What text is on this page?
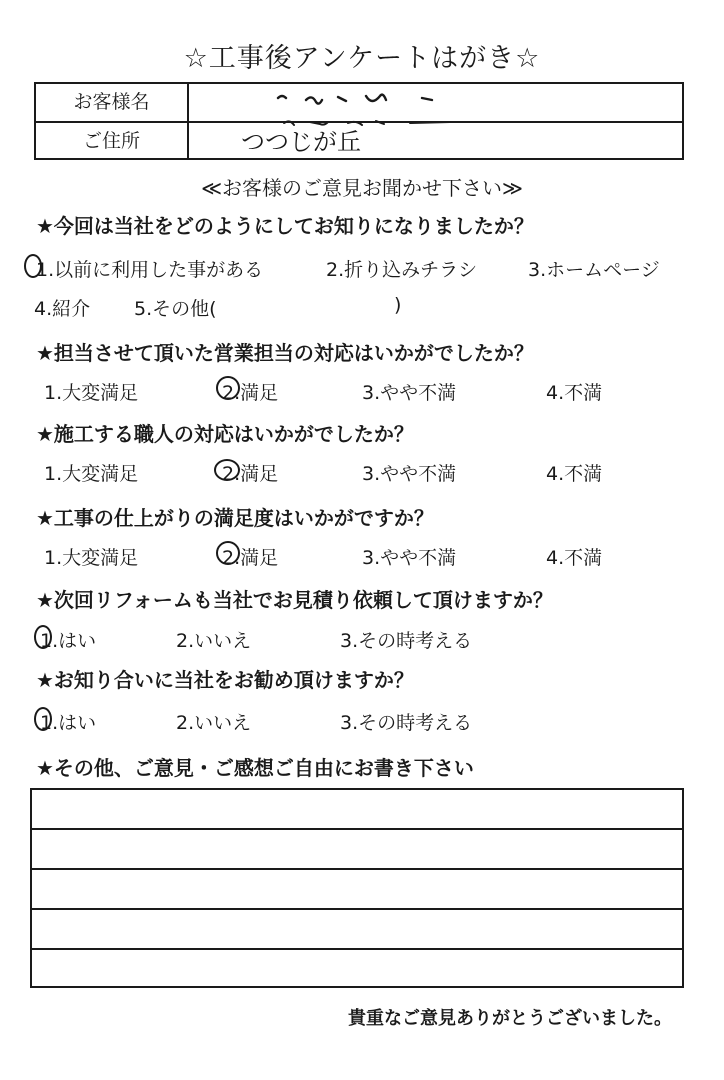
☆工事後アンケートはがき☆
お客様名
ご住所	つつじが丘
≪お客様のご意見お聞かせ下さい≫
★今回は当社をどのようにしてお知りになりましたか？
1.以前に利用した事がある	2.折り込みチラシ	3.ホームページ
4.紹介 5.その他(	)
★担当させて頂いた営業担当の対応はいかがでしたか？
1.大変満足	2.満足	3.やや不満	4.不満
★施工する職人の対応はいかがでしたか？
1.大変満足	2.満足	3.やや不満	4.不満
★工事の仕上がりの満足度はいかがですか？
1.大変満足	2.満足	3.やや不満	4.不満
★次回リフォームも当社でお見積り依頼して頂けますか？
1.はい	2.いいえ	3.その時考える
★お知り合いに当社をお勧め頂けますか？
1.はい	2.いいえ	3.その時考える
★その他、ご意見・ご感想ご自由にお書き下さい
貴重なご意見ありがとうございました。
